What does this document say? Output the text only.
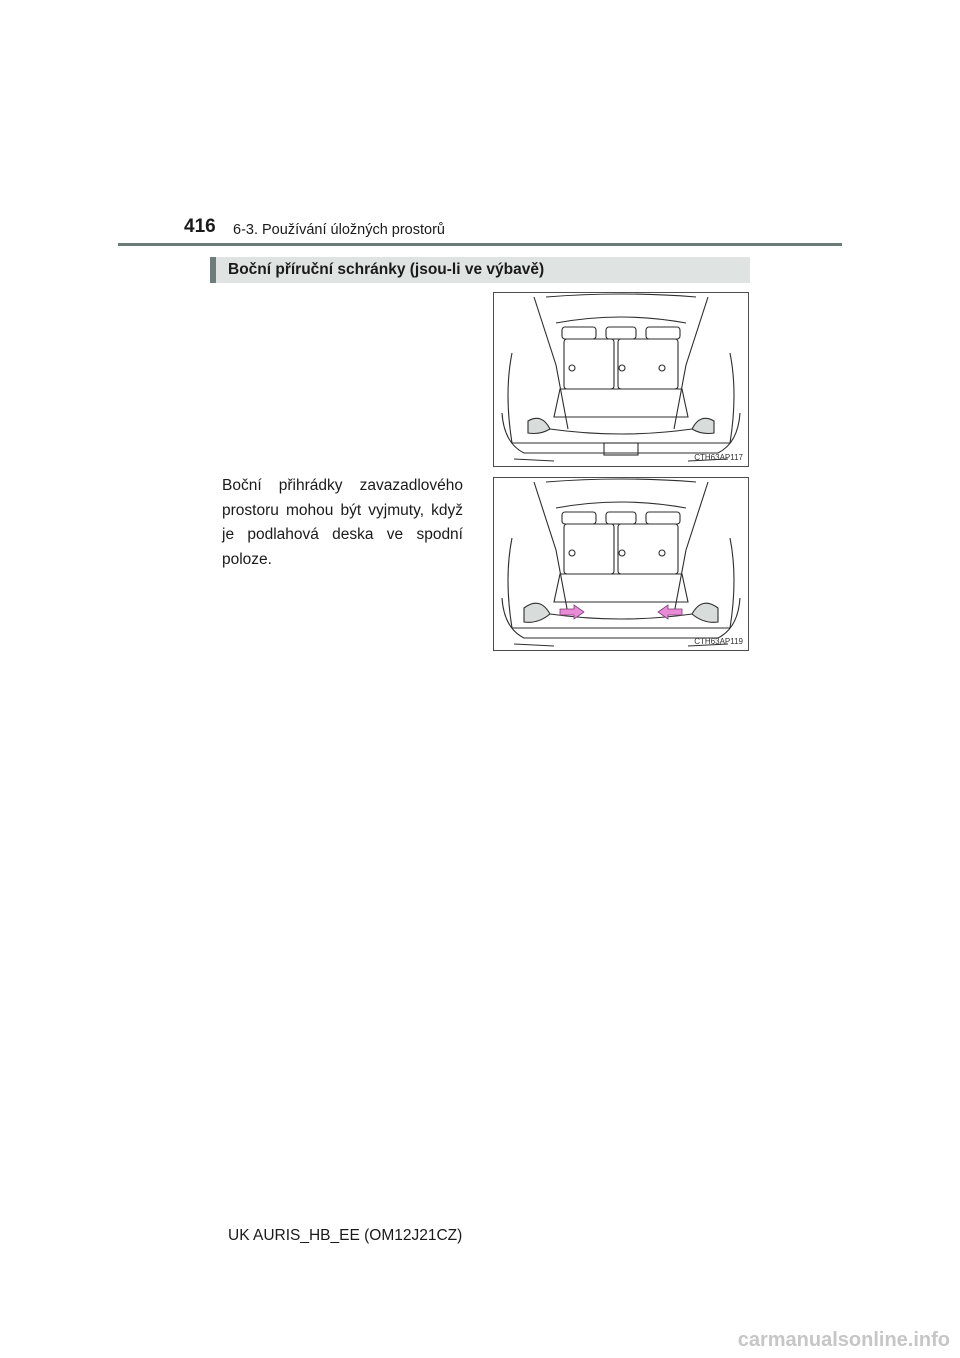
416 6-3. Používání úložných prostorů
Boční příruční schránky (jsou-li ve výbavě)

Boční přihrádky zavazadlového prostoru mohou být vyjmuty, když je podlahová deska ve spodní poloze.

CTH63AP117
CTH63AP119
UK AURIS_HB_EE (OM12J21CZ)
carmanualsonline.info
